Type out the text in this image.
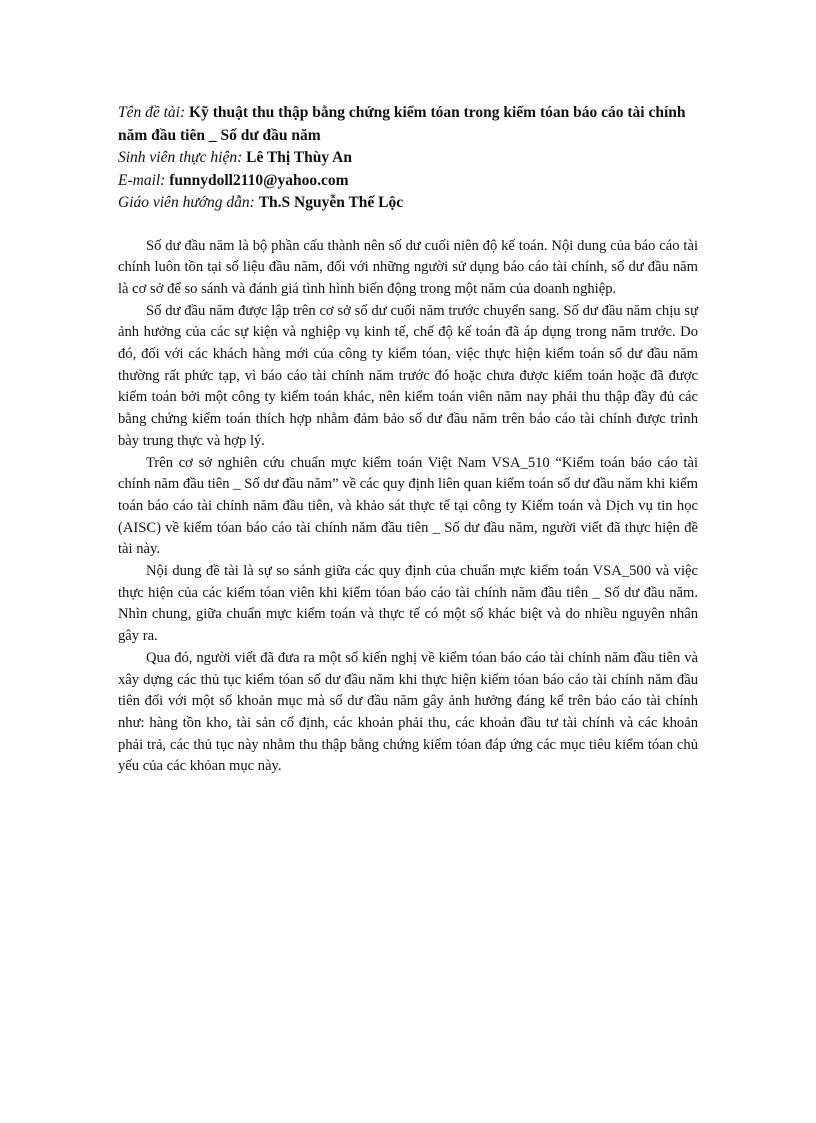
Tên đề tài: Kỹ thuật thu thập bằng chứng kiểm tóan trong kiểm tóan báo cáo tài chính năm đầu tiên _ Số dư đầu năm

Sinh viên thực hiện: Lê Thị Thùy An

E-mail: funnydoll2110@yahoo.com

Giáo viên hướng dẫn: Th.S Nguyễn Thế Lộc

Số dư đầu năm là bộ phần cấu thành nên số dư cuối niên độ kế toán. Nội dung của báo cáo tài chính luôn tồn tại số liệu đầu năm, đối với những người sử dụng báo cáo tài chính, số dư đầu năm là cơ sở để so sánh và đánh giá tình hình biến động trong một năm của doanh nghiệp.

Số dư đầu năm được lập trên cơ sở số dư cuối năm trước chuyển sang. Số dư đầu năm chịu sự ảnh hưởng của các sự kiện và nghiệp vụ kinh tế, chế độ kế toán đã áp dụng trong năm trước. Do đó, đối với các khách hàng mới của công ty kiểm tóan, việc thực hiện kiểm toán số dư đầu năm thường rất phức tạp, vì báo cáo tài chính năm trước đó hoặc chưa được kiểm toán hoặc đã được kiểm toán bởi một công ty kiểm toán khác, nên kiểm toán viên năm nay phải thu thập đầy đủ các bằng chứng kiểm toán thích hợp nhằm đảm bảo số dư đầu năm trên báo cáo tài chính được trình bày trung thực và hợp lý.

Trên cơ sở nghiên cứu chuẩn mực kiểm toán Việt Nam VSA_510 “Kiểm toán báo cáo tài chính năm đầu tiên _ Số dư đầu năm” về các quy định liên quan kiểm toán số dư đầu năm khi kiểm toán báo cáo tài chính năm đầu tiên, và khảo sát thực tế tại công ty Kiểm toán và Dịch vụ tin học (AISC) về kiểm tóan báo cáo tài chính năm đầu tiên _ Số dư đầu năm, người viết đã thực hiện đề tài này.

Nội dung đề tài là sự so sánh giữa các quy định của chuẩn mực kiểm toán VSA_500 và việc thực hiện của các kiểm tóan viên khi kiểm tóan báo cáo tài chính năm đầu tiên _ Số dư đầu năm. Nhìn chung, giữa chuẩn mực kiểm toán và thực tế có một số khác biệt và do nhiều nguyên nhân gây ra.

Qua đó, người viết đã đưa ra một số kiến nghị về kiểm tóan báo cáo tài chính năm đầu tiên và xây dựng các thủ tục kiểm tóan số dư đầu năm khi thực hiện kiểm tóan báo cáo tài chính năm đầu tiên đối với một số khoản mục mà số dư đầu năm gây ảnh hưởng đáng kể trên báo cáo tài chính như: hàng tồn kho, tài sản cố định, các khoản phải thu, các khoản đầu tư tài chính và các khoản phải trả, các thủ tục này nhằm thu thập bằng chứng kiểm tóan đáp ứng các mục tiêu kiểm tóan chủ yếu của các khỏan mục này.
